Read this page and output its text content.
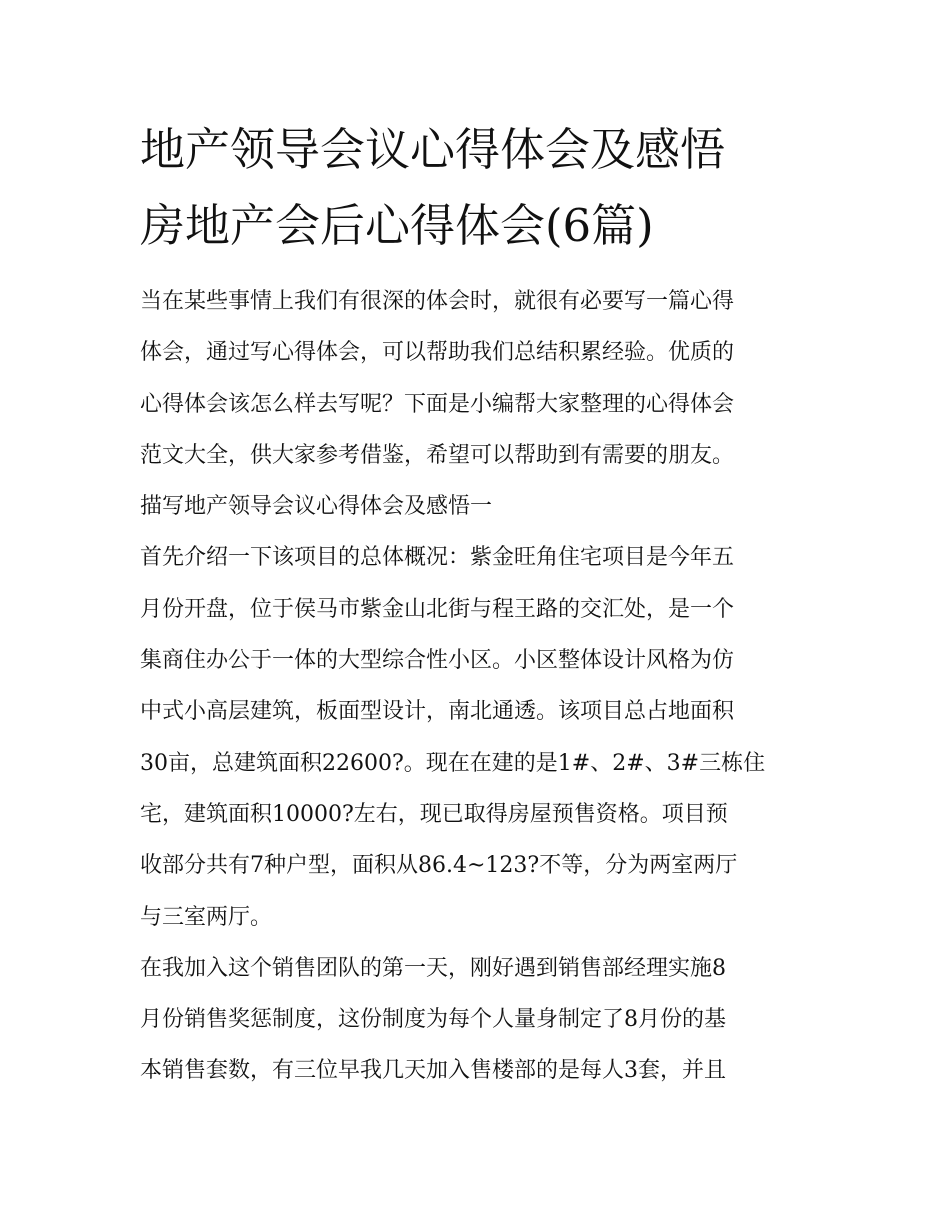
地产领导会议心得体会及感悟
房地产会后心得体会(6篇)
当在某些事情上我们有很深的体会时，就很有必要写一篇心得
体会，通过写心得体会，可以帮助我们总结积累经验。优质的
心得体会该怎么样去写呢？下面是小编帮大家整理的心得体会
范文大全，供大家参考借鉴，希望可以帮助到有需要的朋友。
描写地产领导会议心得体会及感悟一
首先介绍一下该项目的总体概况：紫金旺角住宅项目是今年五
月份开盘，位于侯马市紫金山北街与程王路的交汇处，是一个
集商住办公于一体的大型综合性小区。小区整体设计风格为仿
中式小高层建筑，板面型设计，南北通透。该项目总占地面积
30亩，总建筑面积22600?。现在在建的是1#、2#、3#三栋住
宅，建筑面积10000?左右，现已取得房屋预售资格。项目预
收部分共有7种户型，面积从86.4~123?不等，分为两室两厅
与三室两厅。
在我加入这个销售团队的第一天，刚好遇到销售部经理实施8
月份销售奖惩制度，这份制度为每个人量身制定了8月份的基
本销售套数，有三位早我几天加入售楼部的是每人3套，并且
